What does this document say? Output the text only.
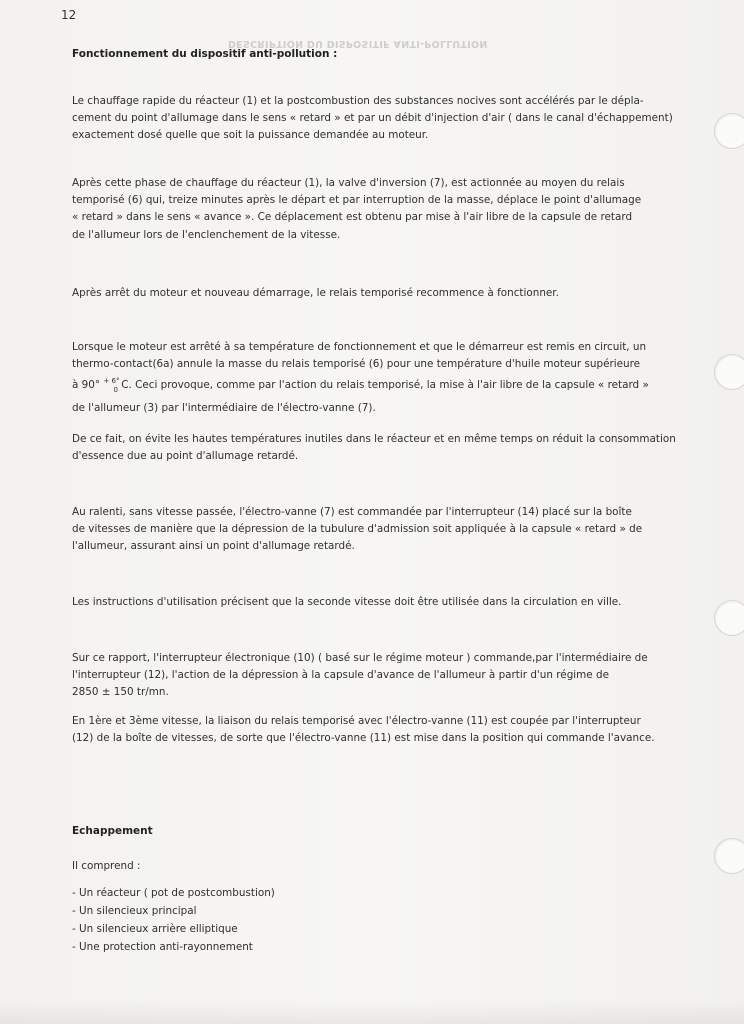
12
DESCRIPTION DU DISPOSITIF ANTI-POLLUTION
Fonctionnement du dispositif anti-pollution :

Le chauffage rapide du réacteur (1) et la postcombustion des substances nocives sont accélérés par le dépla-
cement du point d'allumage dans le sens « retard » et par un débit d'injection d'air ( dans le canal d'échappement)
exactement dosé quelle que soit la puissance demandée au moteur.

Après cette phase de chauffage du réacteur (1), la valve d'inversion (7), est actionnée au moyen du relais
temporisé (6) qui, treize minutes après le départ et par interruption de la masse, déplace le point d'allumage
« retard » dans le sens « avance ». Ce déplacement est obtenu par mise à l'air libre de la capsule de retard
de l'allumeur lors de l'enclenchement de la vitesse.

Après arrêt du moteur et nouveau démarrage, le relais temporisé recommence à fonctionner.

Lorsque le moteur est arrêté à sa température de fonctionnement et que le démarreur est remis en circuit, un
thermo-contact(6a) annule la masse du relais temporisé (6) pour une température d'huile moteur supérieure
à 90° $^{+ 6^\circ}_0$ C. Ceci provoque, comme par l'action du relais temporisé, la mise à l'air libre de la capsule « retard »
de l'allumeur (3) par l'intermédiaire de l'électro-vanne (7).

De ce fait, on évite les hautes températures inutiles dans le réacteur et en même temps on réduit la consommation
d'essence due au point d'allumage retardé.

Au ralenti, sans vitesse passée, l'électro-vanne (7) est commandée par l'interrupteur (14) placé sur la boîte
de vitesses de manière que la dépression de la tubulure d'admission soit appliquée à la capsule « retard » de
l'allumeur, assurant ainsi un point d'allumage retardé.

Les instructions d'utilisation précisent que la seconde vitesse doit être utilisée dans la circulation en ville.

Sur ce rapport, l'interrupteur électronique (10) ( basé sur le régime moteur ) commande,par l'intermédiaire de
l'interrupteur (12), l'action de la dépression à la capsule d'avance de l'allumeur à partir d'un régime de
2850 ± 150 tr/mn.

En 1ère et 3ème vitesse, la liaison du relais temporisé avec l'électro-vanne (11) est coupée par l'interrupteur
(12) de la boîte de vitesses, de sorte que l'électro-vanne (11) est mise dans la position qui commande l'avance.

Echappement

Il comprend :

- Un réacteur ( pot de postcombustion)
- Un silencieux principal
- Un silencieux arrière elliptique
- Une protection anti-rayonnement
